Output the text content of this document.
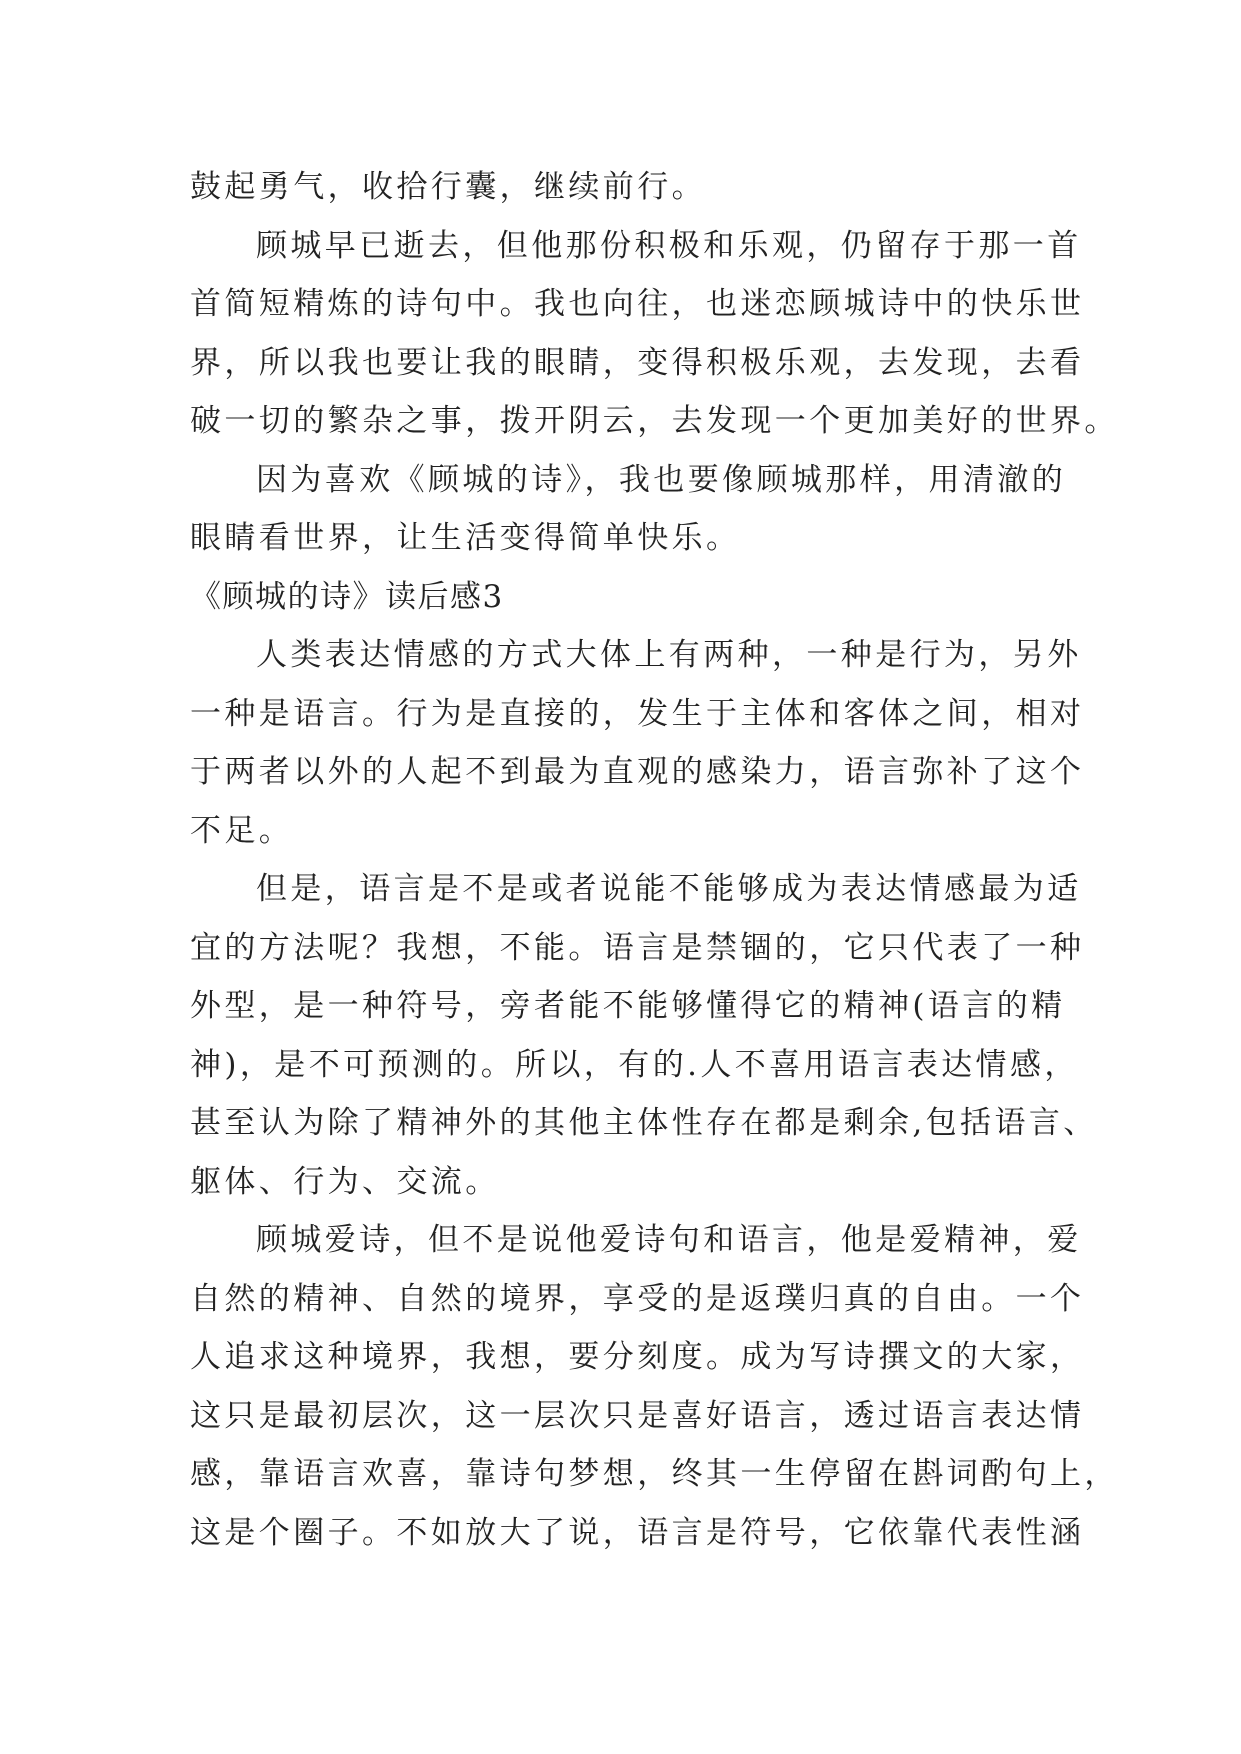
鼓起勇气，收拾行囊，继续前行。
顾城早已逝去，但他那份积极和乐观，仍留存于那一首
首简短精炼的诗句中。我也向往，也迷恋顾城诗中的快乐世
界，所以我也要让我的眼睛，变得积极乐观，去发现，去看
破一切的繁杂之事，拨开阴云，去发现一个更加美好的世界。
因为喜欢《顾城的诗》，我也要像顾城那样，用清澈的
眼睛看世界，让生活变得简单快乐。
《顾城的诗》读后感3
人类表达情感的方式大体上有两种，一种是行为，另外
一种是语言。行为是直接的，发生于主体和客体之间，相对
于两者以外的人起不到最为直观的感染力，语言弥补了这个
不足。
但是，语言是不是或者说能不能够成为表达情感最为适
宜的方法呢？我想，不能。语言是禁锢的，它只代表了一种
外型，是一种符号，旁者能不能够懂得它的精神(语言的精
神)，是不可预测的。所以，有的.人不喜用语言表达情感，
甚至认为除了精神外的其他主体性存在都是剩余,包括语言、
躯体、行为、交流。
顾城爱诗，但不是说他爱诗句和语言，他是爱精神，爱
自然的精神、自然的境界，享受的是返璞归真的自由。一个
人追求这种境界，我想，要分刻度。成为写诗撰文的大家，
这只是最初层次，这一层次只是喜好语言，透过语言表达情
感，靠语言欢喜，靠诗句梦想，终其一生停留在斟词酌句上，
这是个圈子。不如放大了说，语言是符号，它依靠代表性涵
